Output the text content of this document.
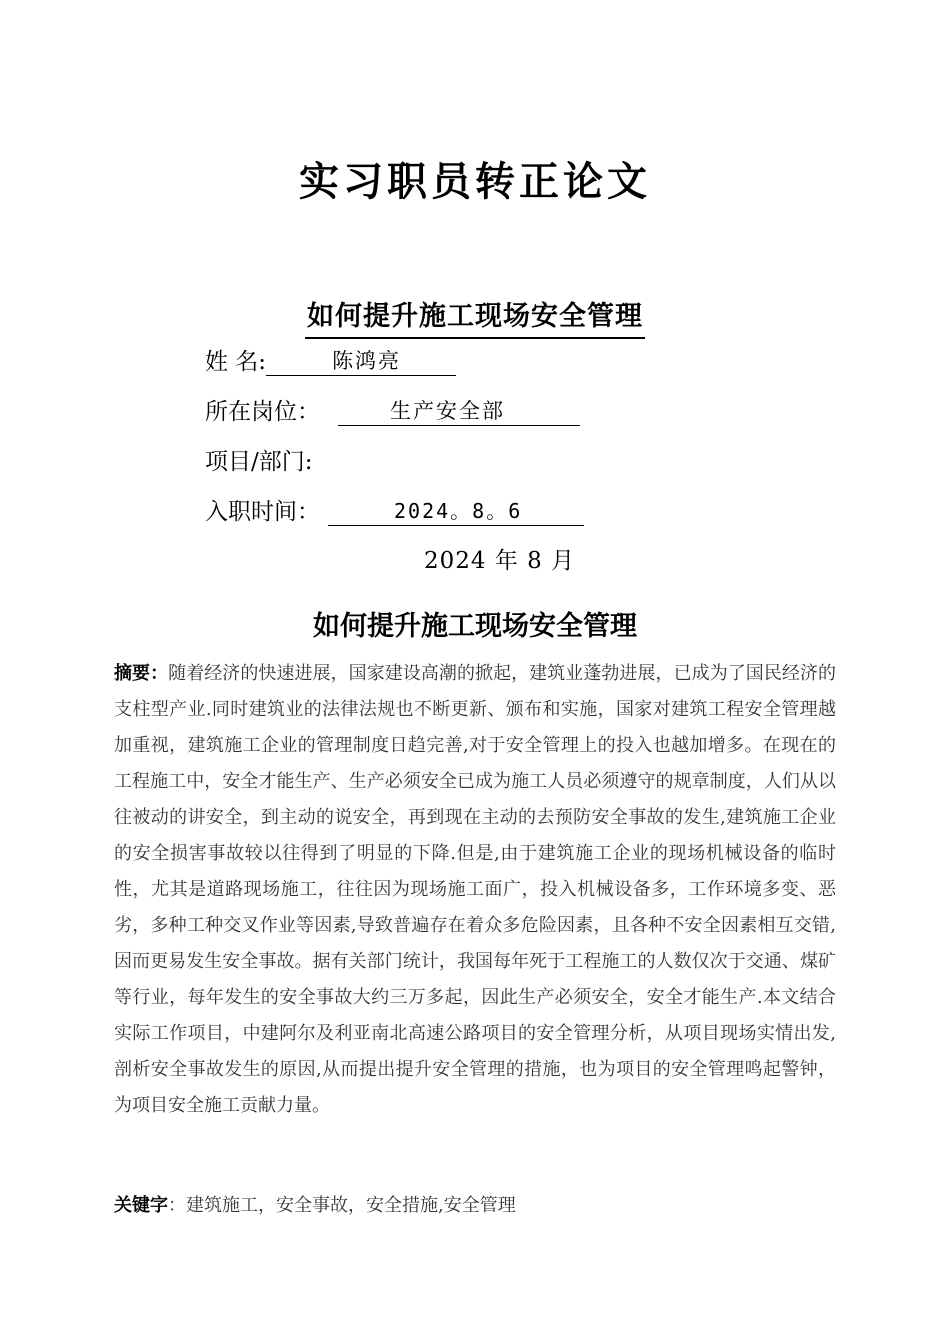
实习职员转正论文
如何提升施工现场安全管理
姓 名:	陈鸿亮
所在岗位：	生产安全部
项目/部门:
入职时间：	2024。8。6
2024 年 8 月
如何提升施工现场安全管理
摘要：随着经济的快速进展，国家建设高潮的掀起，建筑业蓬勃进展，已成为了国民经济的支柱型产业.同时建筑业的法律法规也不断更新、颁布和实施，国家对建筑工程安全管理越加重视，建筑施工企业的管理制度日趋完善,对于安全管理上的投入也越加增多。在现在的工程施工中，安全才能生产、生产必须安全已成为施工人员必须遵守的规章制度，人们从以往被动的讲安全，到主动的说安全，再到现在主动的去预防安全事故的发生,建筑施工企业的安全损害事故较以往得到了明显的下降.但是,由于建筑施工企业的现场机械设备的临时性，尤其是道路现场施工，往往因为现场施工面广，投入机械设备多，工作环境多变、恶劣，多种工种交叉作业等因素,导致普遍存在着众多危险因素，且各种不安全因素相互交错,因而更易发生安全事故。据有关部门统计，我国每年死于工程施工的人数仅次于交通、煤矿等行业，每年发生的安全事故大约三万多起，因此生产必须安全，安全才能生产.本文结合实际工作项目，中建阿尔及利亚南北高速公路项目的安全管理分析，从项目现场实情出发,剖析安全事故发生的原因,从而提出提升安全管理的措施，也为项目的安全管理鸣起警钟，为项目安全施工贡献力量。
关键字：建筑施工，安全事故，安全措施,安全管理
